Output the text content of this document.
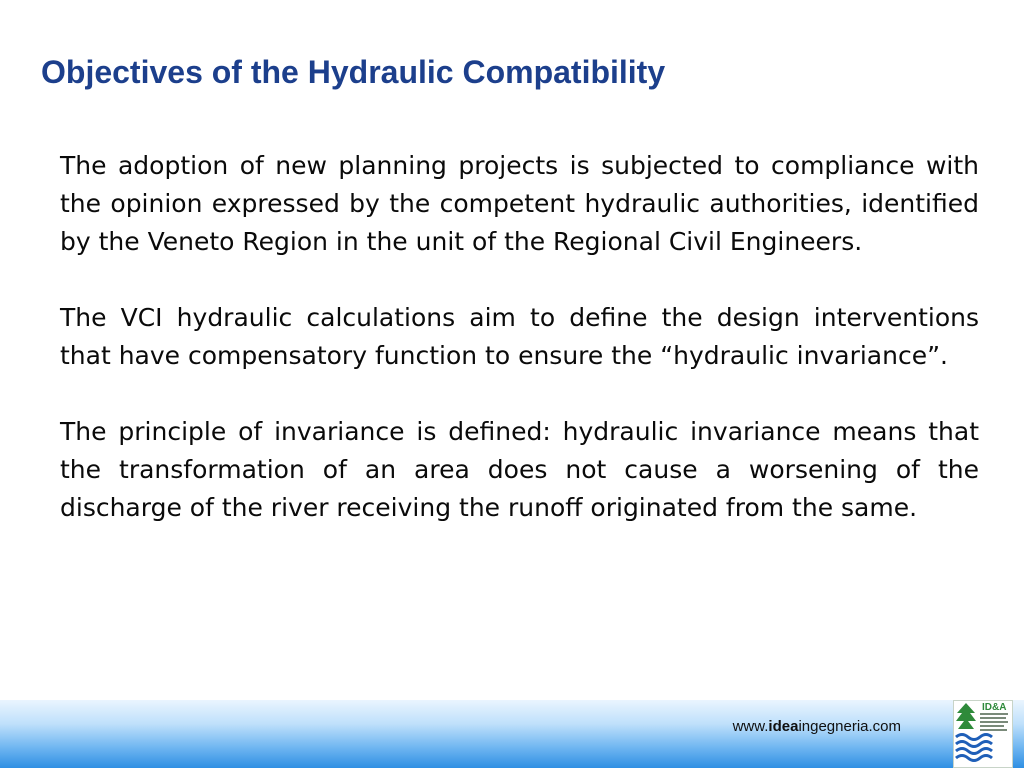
Objectives of the Hydraulic Compatibility

The adoption of new planning projects is subjected to compliance with the opinion expressed by the competent hydraulic authorities, identified by the Veneto Region in the unit of the Regional Civil Engineers.

The VCI hydraulic calculations aim to define the design interventions that have compensatory function to ensure the “hydraulic invariance”.

The principle of invariance is defined: hydraulic invariance means that the transformation of an area does not cause a worsening of the discharge of the river receiving the runoff originated from the same.

www.ideaingegneria.com
ID&A
